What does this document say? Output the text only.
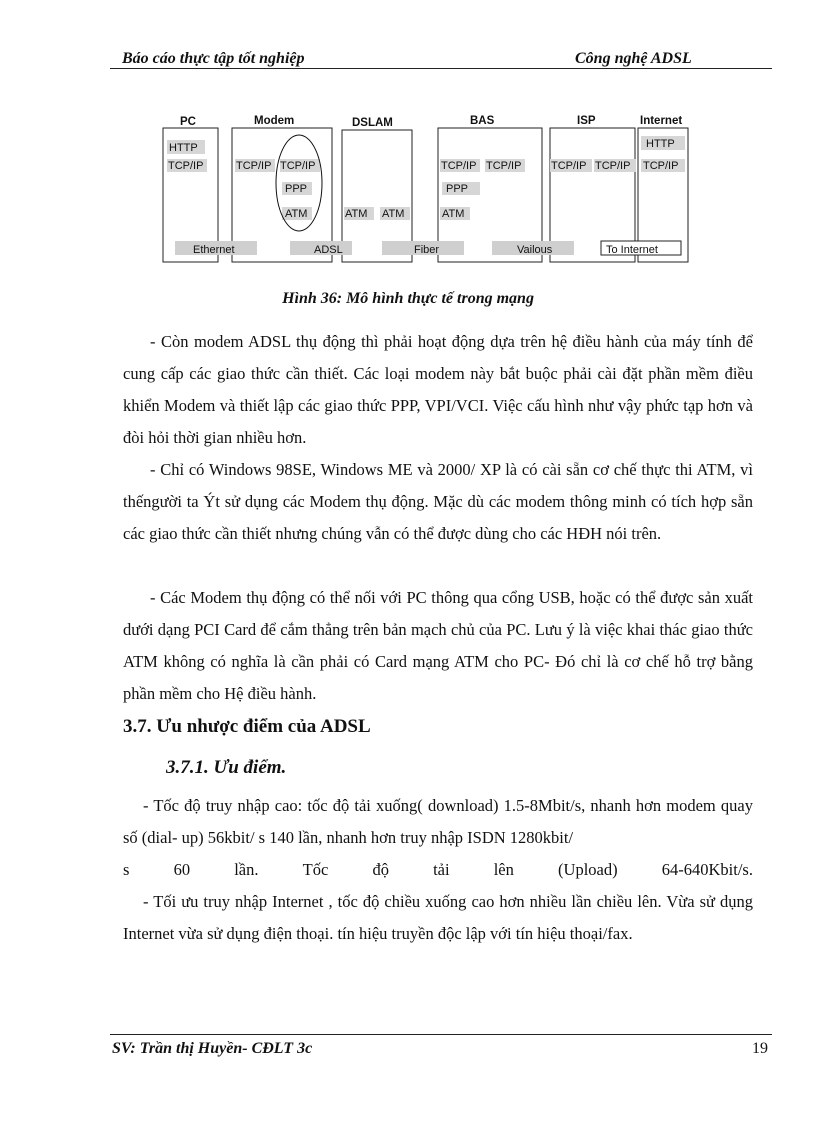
Báo cáo thực tập tốt nghiệp	Công nghệ ADSL
PC	Modem	DSLAM	BAS	ISP	Internet
HTTP
TCP/IP	TCP/IP TCP/IP
PPP
ATM	ATM ATM
TCP/IP TCP/IP
PPP
ATM
TCP/IP TCP/IP
HTTP
TCP/IP
Ethernet	ADSL	Fiber	Vailous	To Internet
Hình 36: Mô hình thực tế trong mạng

- Còn modem ADSL thụ động thì phải hoạt động dựa trên hệ điều hành của máy tính để cung cấp các giao thức cần thiết. Các loại modem này bắt buộc phải cài đặt phần mềm điều khiển Modem và thiết lập các giao thức PPP, VPI/VCI. Việc cấu hình như vậy phức tạp hơn và đòi hỏi thời gian nhiều hơn.

- Chỉ có Windows 98SE, Windows ME và 2000/ XP là có cài sẵn cơ chế thực thi ATM, vì thếngười ta Ýt sử dụng các Modem thụ động. Mặc dù các modem thông minh có tích hợp sẵn các giao thức cần thiết nhưng chúng vẫn có thể được dùng cho các HĐH nói trên.

- Các Modem thụ động có thể nối với PC thông qua cổng USB, hoặc có thể được sản xuất dưới dạng PCI Card để cắm thẳng trên bản mạch chủ của PC. Lưu ý là việc khai thác giao thức ATM không có nghĩa là cần phải có Card mạng ATM cho PC- Đó chỉ là cơ chế hỗ trợ bằng phần mềm cho Hệ điều hành.

3.7. Ưu nhược điểm của ADSL
3.7.1. Ưu điểm.

- Tốc độ truy nhập cao: tốc độ tải xuống( download) 1.5-8Mbit/s, nhanh hơn modem quay số (dial- up) 56kbit/ s 140 lần, nhanh hơn truy nhập ISDN 1280kbit/

s	60	lần.	Tốc	độ	tải	lên	(Upload)	64-640Kbit/s.

- Tối ưu truy nhập Internet , tốc độ chiều xuống cao hơn nhiều lần chiều lên. Vừa sử dụng Internet vừa sử dụng điện thoại. tín hiệu truyền độc lập với tín hiệu thoại/fax.

SV: Trần thị Huyền- CĐLT 3c	19
